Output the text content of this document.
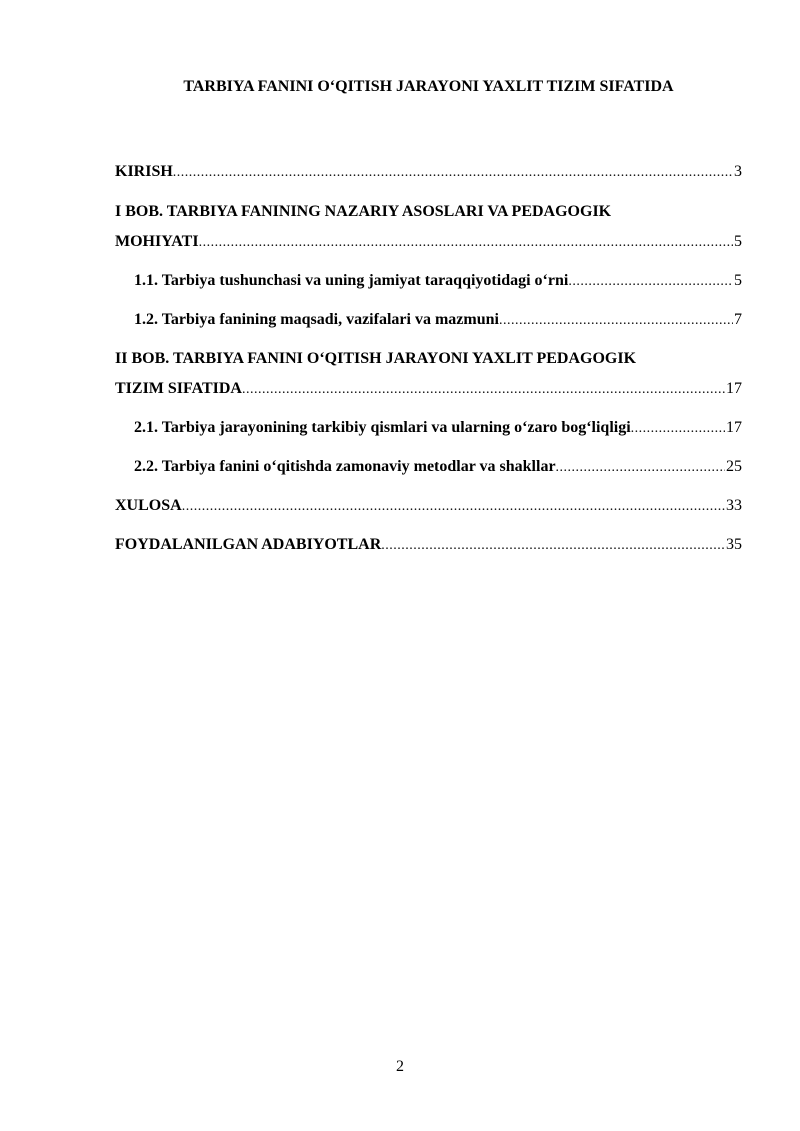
TARBIYA FANINI O‘QITISH JARAYONI YAXLIT TIZIM SIFATIDA
KIRISH .....	3
I BOB. TARBIYA FANINING NAZARIY ASOSLARI VA PEDAGOGIK
MOHIYATI .....	5
1.1. Tarbiya tushunchasi va uning jamiyat taraqqiyotidagi o‘rni .....	5
1.2. Tarbiya fanining maqsadi, vazifalari va mazmuni .....	7
II BOB. TARBIYA FANINI O‘QITISH JARAYONI YAXLIT PEDAGOGIK
TIZIM SIFATIDA .....	17
2.1. Tarbiya jarayonining tarkibiy qismlari va ularning o‘zaro bog‘liqligi .....	17
2.2. Tarbiya fanini o‘qitishda zamonaviy metodlar va shakllar .....	25
XULOSA .....	33
FOYDALANILGAN ADABIYOTLAR .....	35
2
